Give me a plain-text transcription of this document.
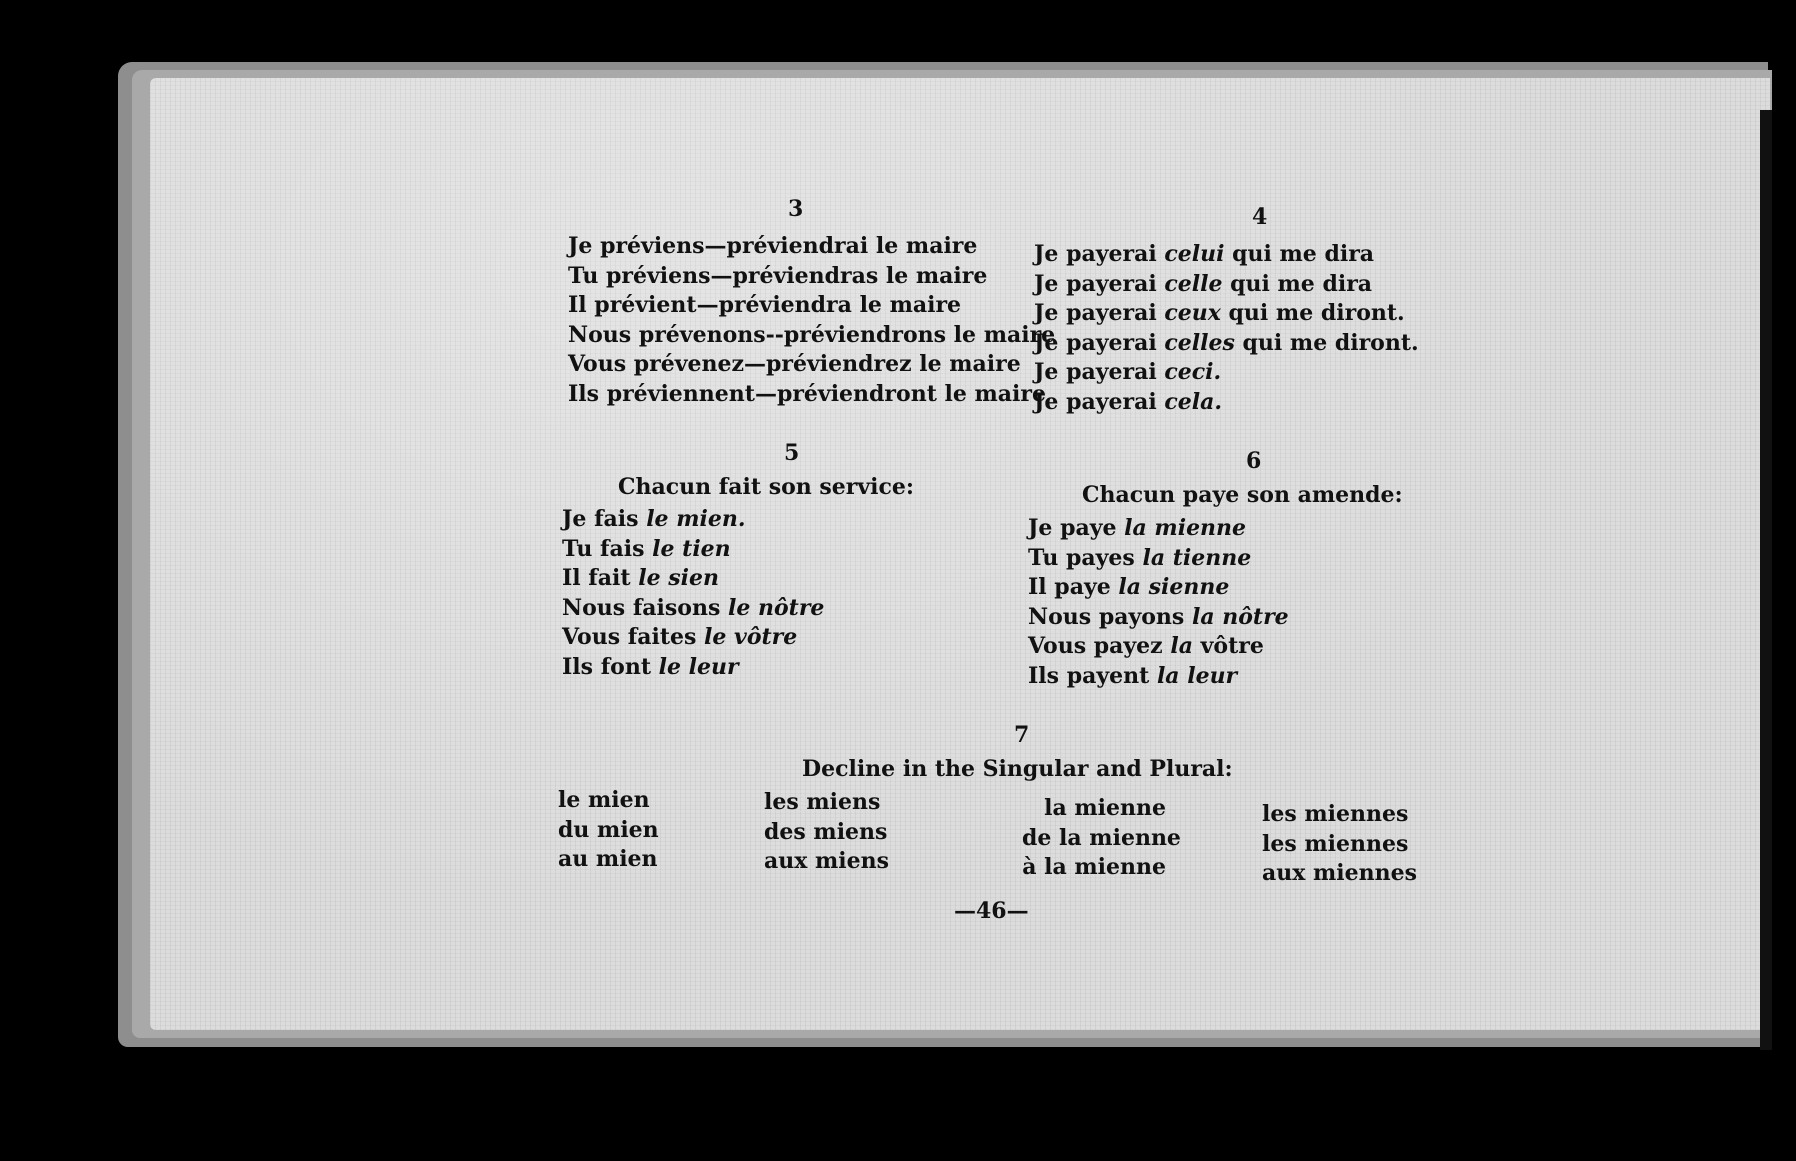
3
Je préviens—préviendrai le maire
Tu préviens—préviendras le maire
Il prévient—préviendra le maire
Nous prévenons--préviendrons le maire
Vous prévenez—préviendrez le maire
Ils préviennent—préviendront le maire
4
Je payerai celui qui me dira
Je payerai celle qui me dira
Je payerai ceux qui me diront.
Je payerai celles qui me diront.
Je payerai ceci.
Je payerai cela.
5
Chacun fait son service:
Je fais le mien.
Tu fais le tien
Il fait le sien
Nous faisons le nôtre
Vous faites le vôtre
Ils font le leur
6
Chacun paye son amende:
Je paye la mienne
Tu payes la tienne
Il paye la sienne
Nous payons la nôtre
Vous payez la vôtre
Ils payent la leur
7
Decline in the Singular and Plural:
le mien
du mien
au mien
les miens
des miens
aux miens
la mienne
de la mienne
à la mienne
les miennes
les miennes
aux miennes
—46—
